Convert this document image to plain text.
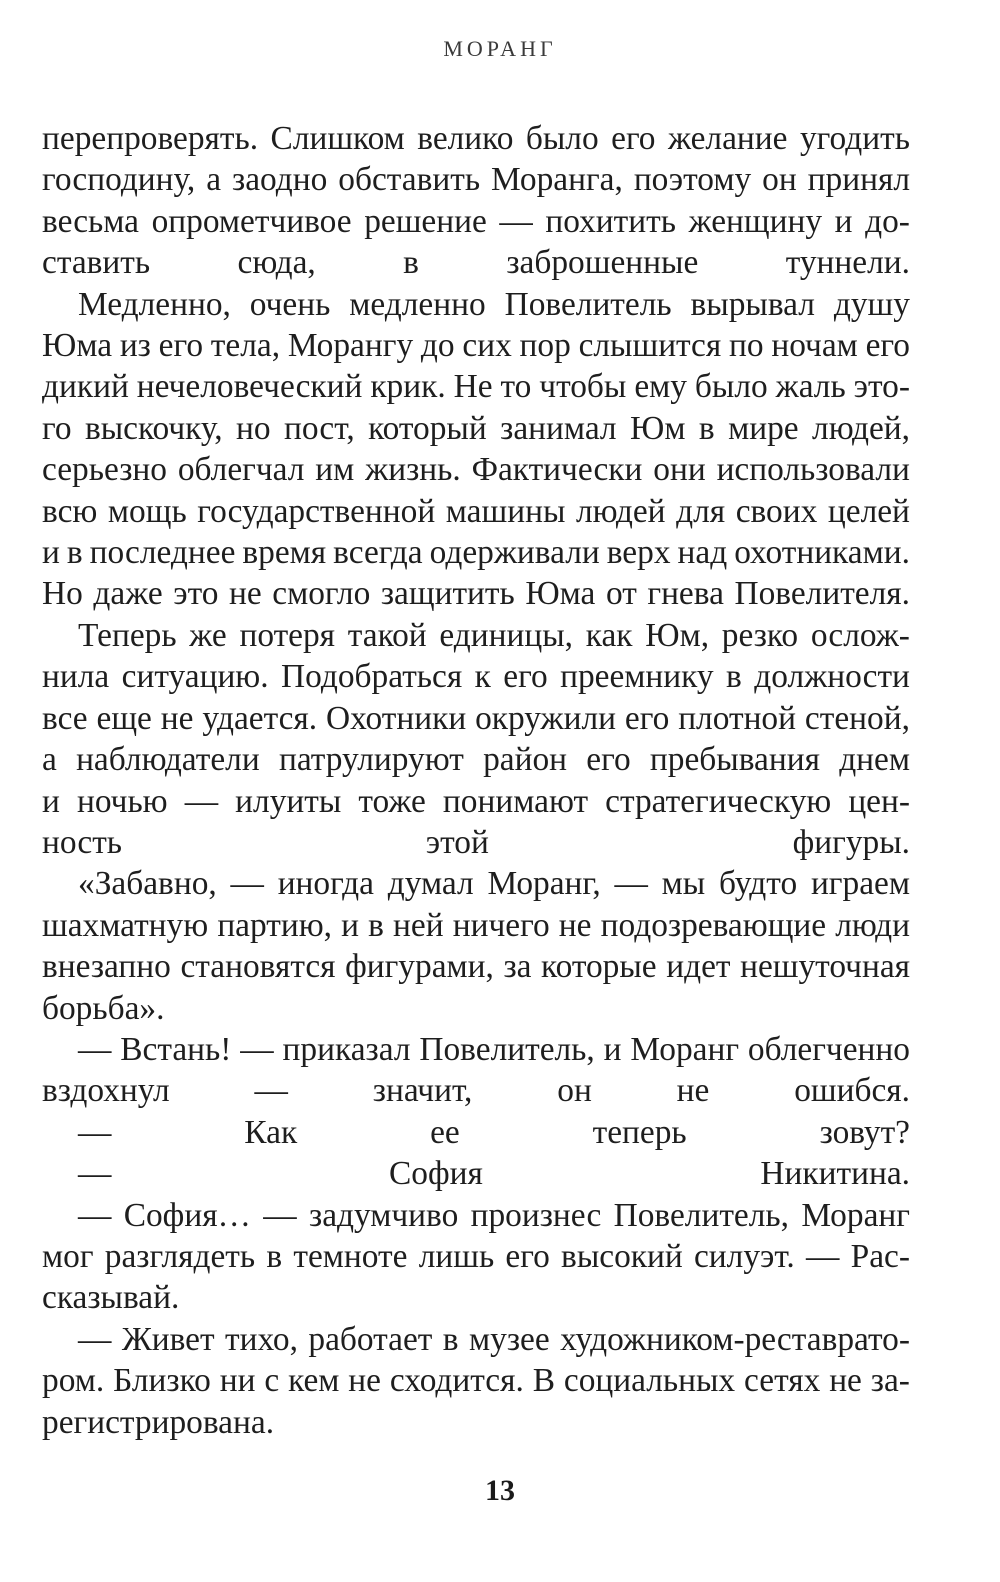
МОРАНГ

перепроверять. Слишком велико было его желание угодить
господину, а заодно обставить Моранга, поэтому он принял
весьма опрометчивое решение — похитить женщину и до-
ставить сюда, в заброшенные туннели.

Медленно, очень медленно Повелитель вырывал душу
Юма из его тела, Морангу до сих пор слышится по ночам его
дикий нечеловеческий крик. Не то чтобы ему было жаль это-
го выскочку, но пост, который занимал Юм в мире людей,
серьезно облегчал им жизнь. Фактически они использовали
всю мощь государственной машины людей для своих целей
и в последнее время всегда одерживали верх над охотниками.
Но даже это не смогло защитить Юма от гнева Повелителя.

Теперь же потеря такой единицы, как Юм, резко ослож-
нила ситуацию. Подобраться к его преемнику в должности
все еще не удается. Охотники окружили его плотной стеной,
а наблюдатели патрулируют район его пребывания днем
и ночью — илуиты тоже понимают стратегическую цен-
ность этой фигуры.

«Забавно, — иногда думал Моранг, — мы будто играем
шахматную партию, и в ней ничего не подозревающие люди
внезапно становятся фигурами, за которые идет нешуточная
борьба».

— Встань! — приказал Повелитель, и Моранг облегченно
вздохнул — значит, он не ошибся.

— Как ее теперь зовут?

— София Никитина.

— София… — задумчиво произнес Повелитель, Моранг
мог разглядеть в темноте лишь его высокий силуэт. — Рас-
сказывай.

— Живет тихо, работает в музее художником-реставрато-
ром. Близко ни с кем не сходится. В социальных сетях не за-
регистрирована.

13
